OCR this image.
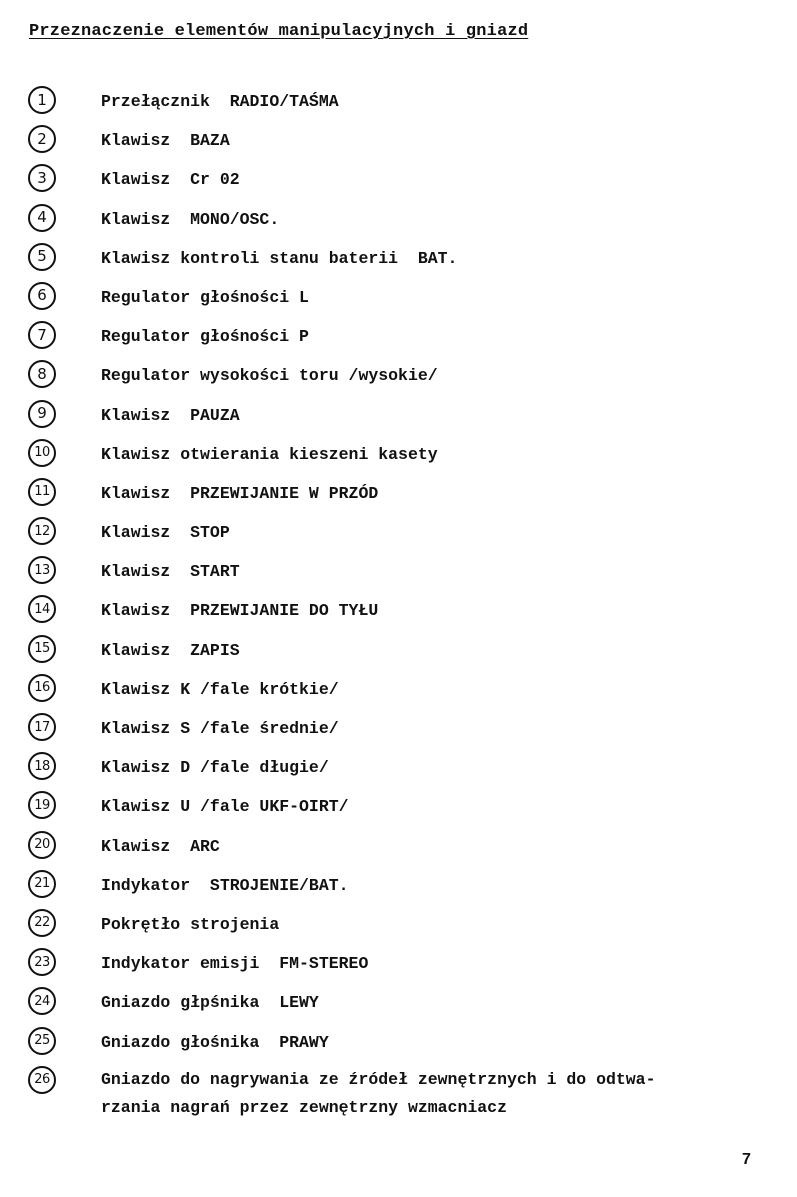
Przeznaczenie elementów manipulacyjnych i gniazd
1	Przełącznik  RADIO/TAŚMA
2	Klawisz  BAZA
3	Klawisz  Cr 02
4	Klawisz  MONO/OSC.
5	Klawisz kontroli stanu baterii  BAT.
6	Regulator głośności L
7	Regulator głośności P
8	Regulator wysokości toru /wysokie/
9	Klawisz  PAUZA
10	Klawisz otwierania kieszeni kasety
11	Klawisz  PRZEWIJANIE W PRZÓD
12	Klawisz  STOP
13	Klawisz  START
14	Klawisz  PRZEWIJANIE DO TYŁU
15	Klawisz  ZAPIS
16	Klawisz K /fale krótkie/
17	Klawisz S /fale średnie/
18	Klawisz D /fale długie/
19	Klawisz U /fale UKF-OIRT/
20	Klawisz  ARC
21	Indykator  STROJENIE/BAT.
22	Pokrętło strojenia
23	Indykator emisji  FM-STEREO
24	Gniazdo głpśnika  LEWY
25	Gniazdo głośnika  PRAWY
26	Gniazdo do nagrywania ze źródeł zewnętrznych i do odtwa-
rzania nagrań przez zewnętrzny wzmacniacz
7
